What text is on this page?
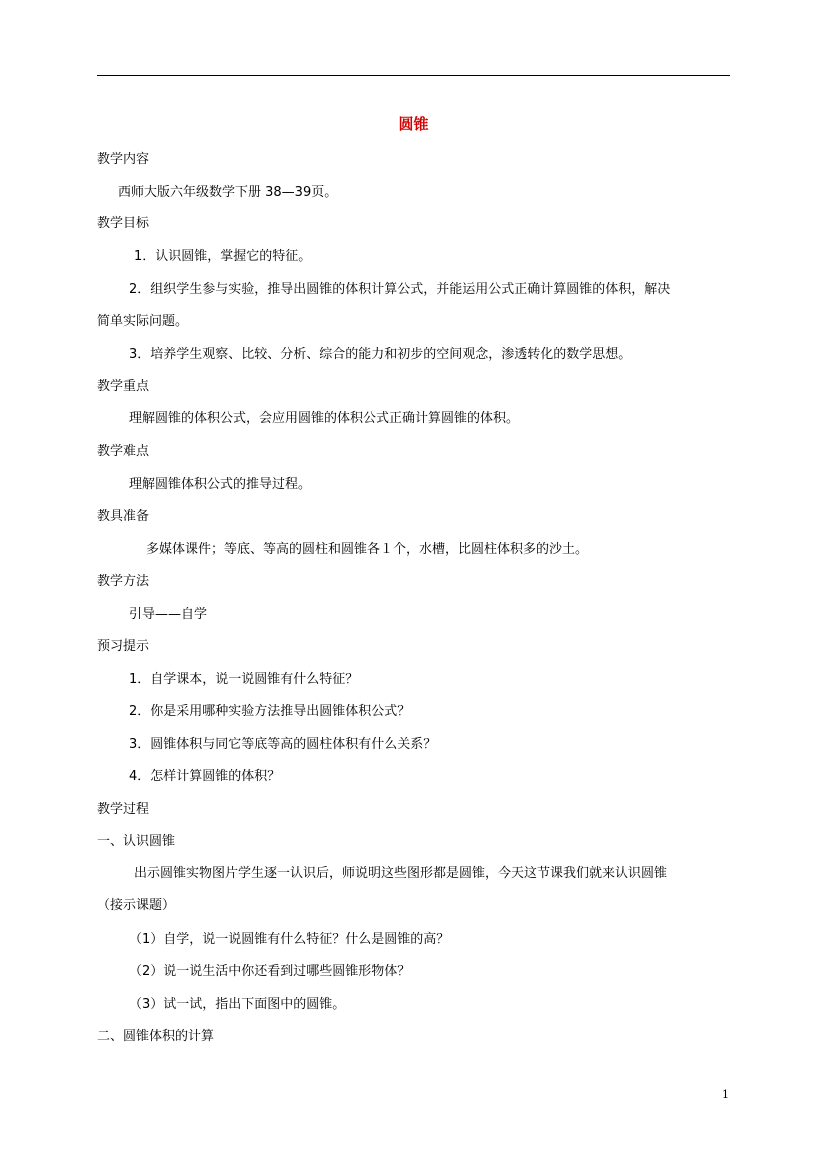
圆锥
教学内容
西师大版六年级数学下册 38—39页。
教学目标
1．认识圆锥，掌握它的特征。
2．组织学生参与实验，推导出圆锥的体积计算公式，并能运用公式正确计算圆锥的体积，解决
简单实际问题。
3．培养学生观察、比较、分析、综合的能力和初步的空间观念，渗透转化的数学思想。
教学重点
理解圆锥的体积公式，会应用圆锥的体积公式正确计算圆锥的体积。
教学难点
理解圆锥体积公式的推导过程。
教具准备
多媒体课件；等底、等高的圆柱和圆锥各１个，水槽，比圆柱体积多的沙土。
教学方法
引导——自学
预习提示
1．自学课本，说一说圆锥有什么特征？
2．你是采用哪种实验方法推导出圆锥体积公式？
3．圆锥体积与同它等底等高的圆柱体积有什么关系？
4．怎样计算圆锥的体积？
教学过程
一、认识圆锥
出示圆锥实物图片学生逐一认识后，师说明这些图形都是圆锥，今天这节课我们就来认识圆锥
（接示课题）
（1）自学，说一说圆锥有什么特征？什么是圆锥的高？
（2）说一说生活中你还看到过哪些圆锥形物体？
（3）试一试，指出下面图中的圆锥。
二、圆锥体积的计算
1
